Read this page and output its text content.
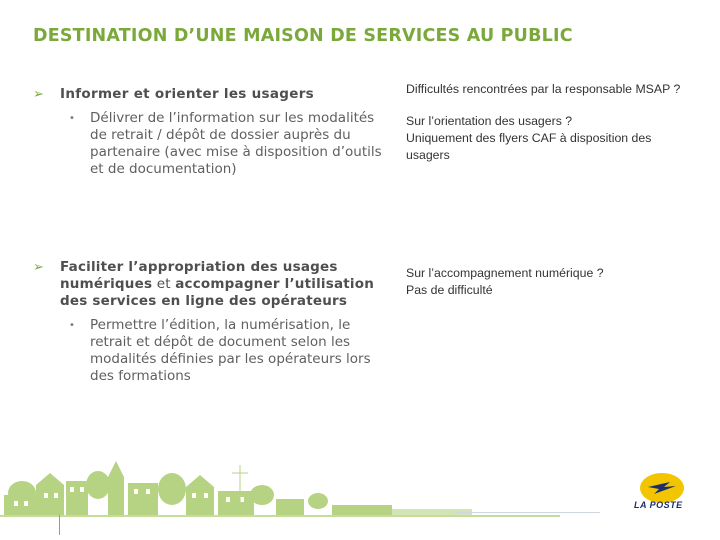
DESTINATION D’UNE MAISON DE SERVICES AU PUBLIC
➢ Informer et orienter les usagers
• Délivrer de l’information sur les modalités de retrait / dépôt de dossier auprès du partenaire (avec mise à disposition d’outils et de documentation)
➢ Faciliter l’appropriation des usages numériques et accompagner l’utilisation des services en ligne des opérateurs
• Permettre l’édition, la numérisation, le retrait et dépôt de document selon les modalités définies par les opérateurs lors des formations
Difficultés rencontrées par la responsable MSAP ?
Sur l’orientation des usagers ?
Uniquement des flyers CAF à disposition des usagers
Sur l’accompagnement numérique ?
Pas de difficulté
LA POSTE
